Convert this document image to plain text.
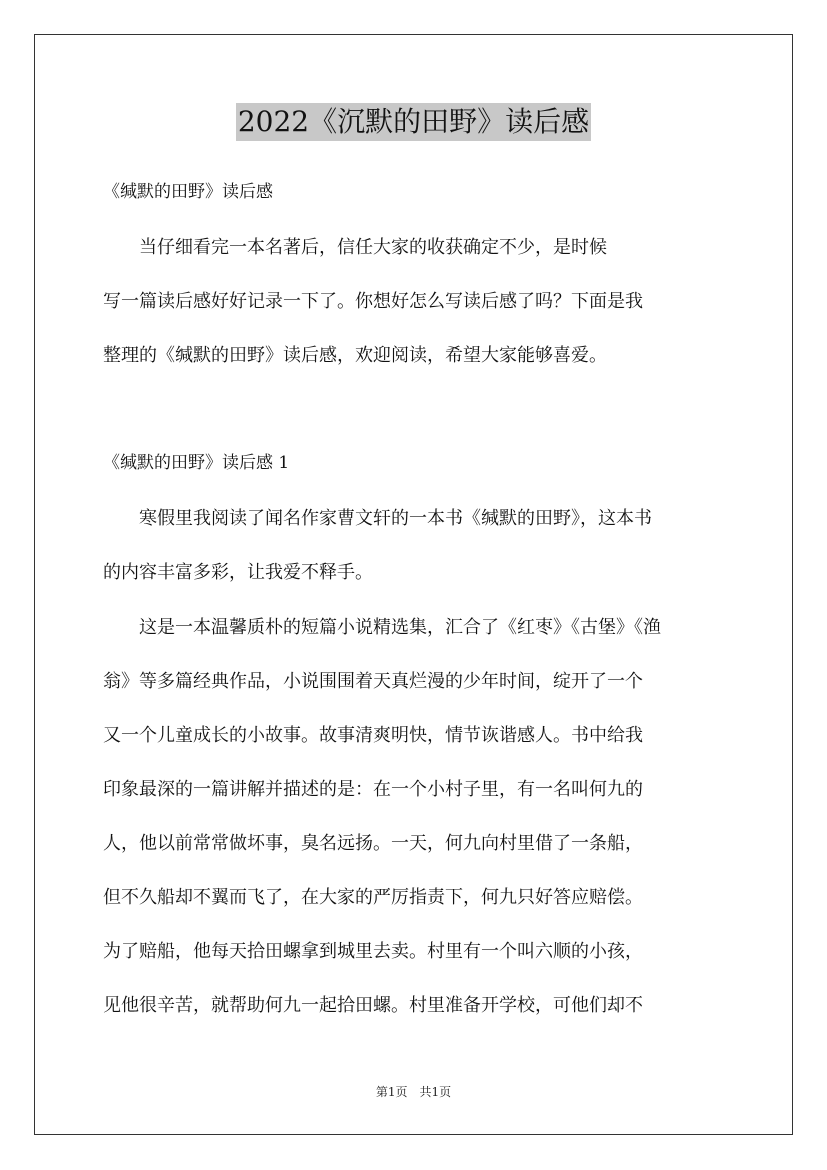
2022《沉默的田野》读后感

《缄默的田野》读后感

　　当仔细看完一本名著后，信任大家的收获确定不少，是时候

写一篇读后感好好记录一下了。你想好怎么写读后感了吗？下面是我

整理的《缄默的田野》读后感，欢迎阅读，希望大家能够喜爱。

《缄默的田野》读后感 1

　　寒假里我阅读了闻名作家曹文轩的一本书《缄默的田野》，这本书

的内容丰富多彩，让我爱不释手。

　　这是一本温馨质朴的短篇小说精选集，汇合了《红枣》《古堡》《渔

翁》等多篇经典作品，小说围围着天真烂漫的少年时间，绽开了一个

又一个儿童成长的小故事。故事清爽明快，情节诙谐感人。书中给我

印象最深的一篇讲解并描述的是：在一个小村子里，有一名叫何九的

人，他以前常常做坏事，臭名远扬。一天，何九向村里借了一条船，

但不久船却不翼而飞了，在大家的严厉指责下，何九只好答应赔偿。

为了赔船，他每天拾田螺拿到城里去卖。村里有一个叫六顺的小孩，

见他很辛苦，就帮助何九一起拾田螺。村里准备开学校，可他们却不

第1页　共1页
